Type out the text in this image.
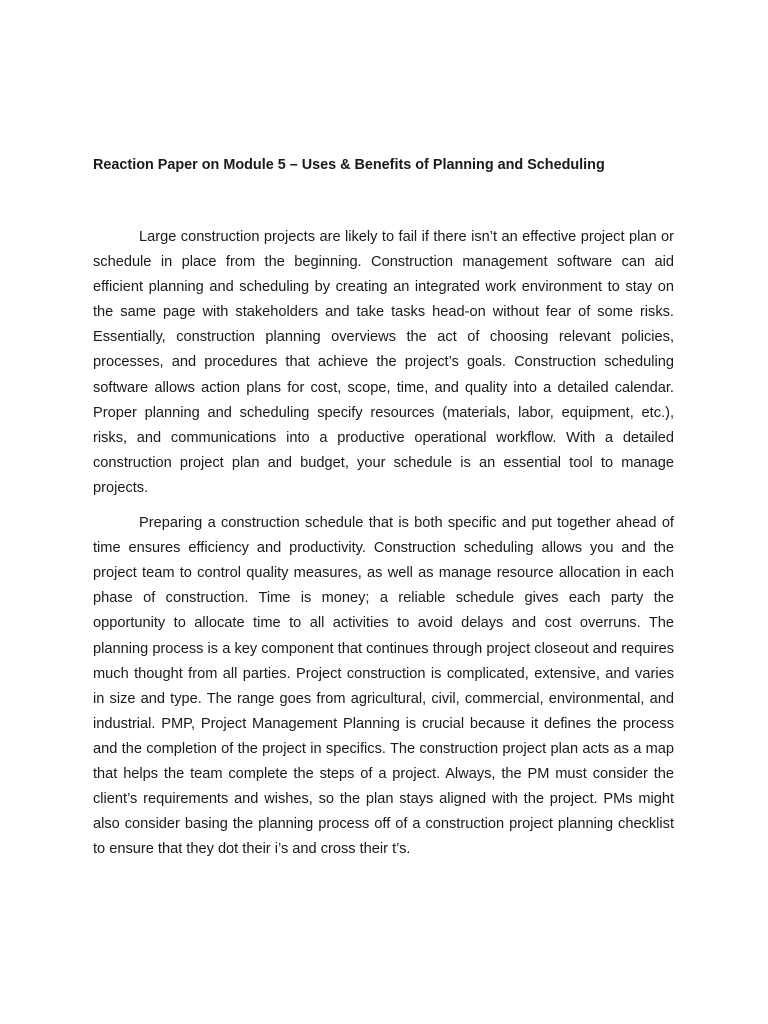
Reaction Paper on Module 5 – Uses & Benefits of Planning and Scheduling

Large construction projects are likely to fail if there isn’t an effective project plan or schedule in place from the beginning. Construction management software can aid efficient planning and scheduling by creating an integrated work environment to stay on the same page with stakeholders and take tasks head-on without fear of some risks. Essentially, construction planning overviews the act of choosing relevant policies, processes, and procedures that achieve the project’s goals. Construction scheduling software allows action plans for cost, scope, time, and quality into a detailed calendar. Proper planning and scheduling specify resources (materials, labor, equipment, etc.), risks, and communications into a productive operational workflow. With a detailed construction project plan and budget, your schedule is an essential tool to manage projects.

Preparing a construction schedule that is both specific and put together ahead of time ensures efficiency and productivity. Construction scheduling allows you and the project team to control quality measures, as well as manage resource allocation in each phase of construction. Time is money; a reliable schedule gives each party the opportunity to allocate time to all activities to avoid delays and cost overruns. The planning process is a key component that continues through project closeout and requires much thought from all parties. Project construction is complicated, extensive, and varies in size and type. The range goes from agricultural, civil, commercial, environmental, and industrial. PMP, Project Management Planning is crucial because it defines the process and the completion of the project in specifics. The construction project plan acts as a map that helps the team complete the steps of a project. Always, the PM must consider the client’s requirements and wishes, so the plan stays aligned with the project. PMs might also consider basing the planning process off of a construction project planning checklist to ensure that they dot their i’s and cross their t’s.
